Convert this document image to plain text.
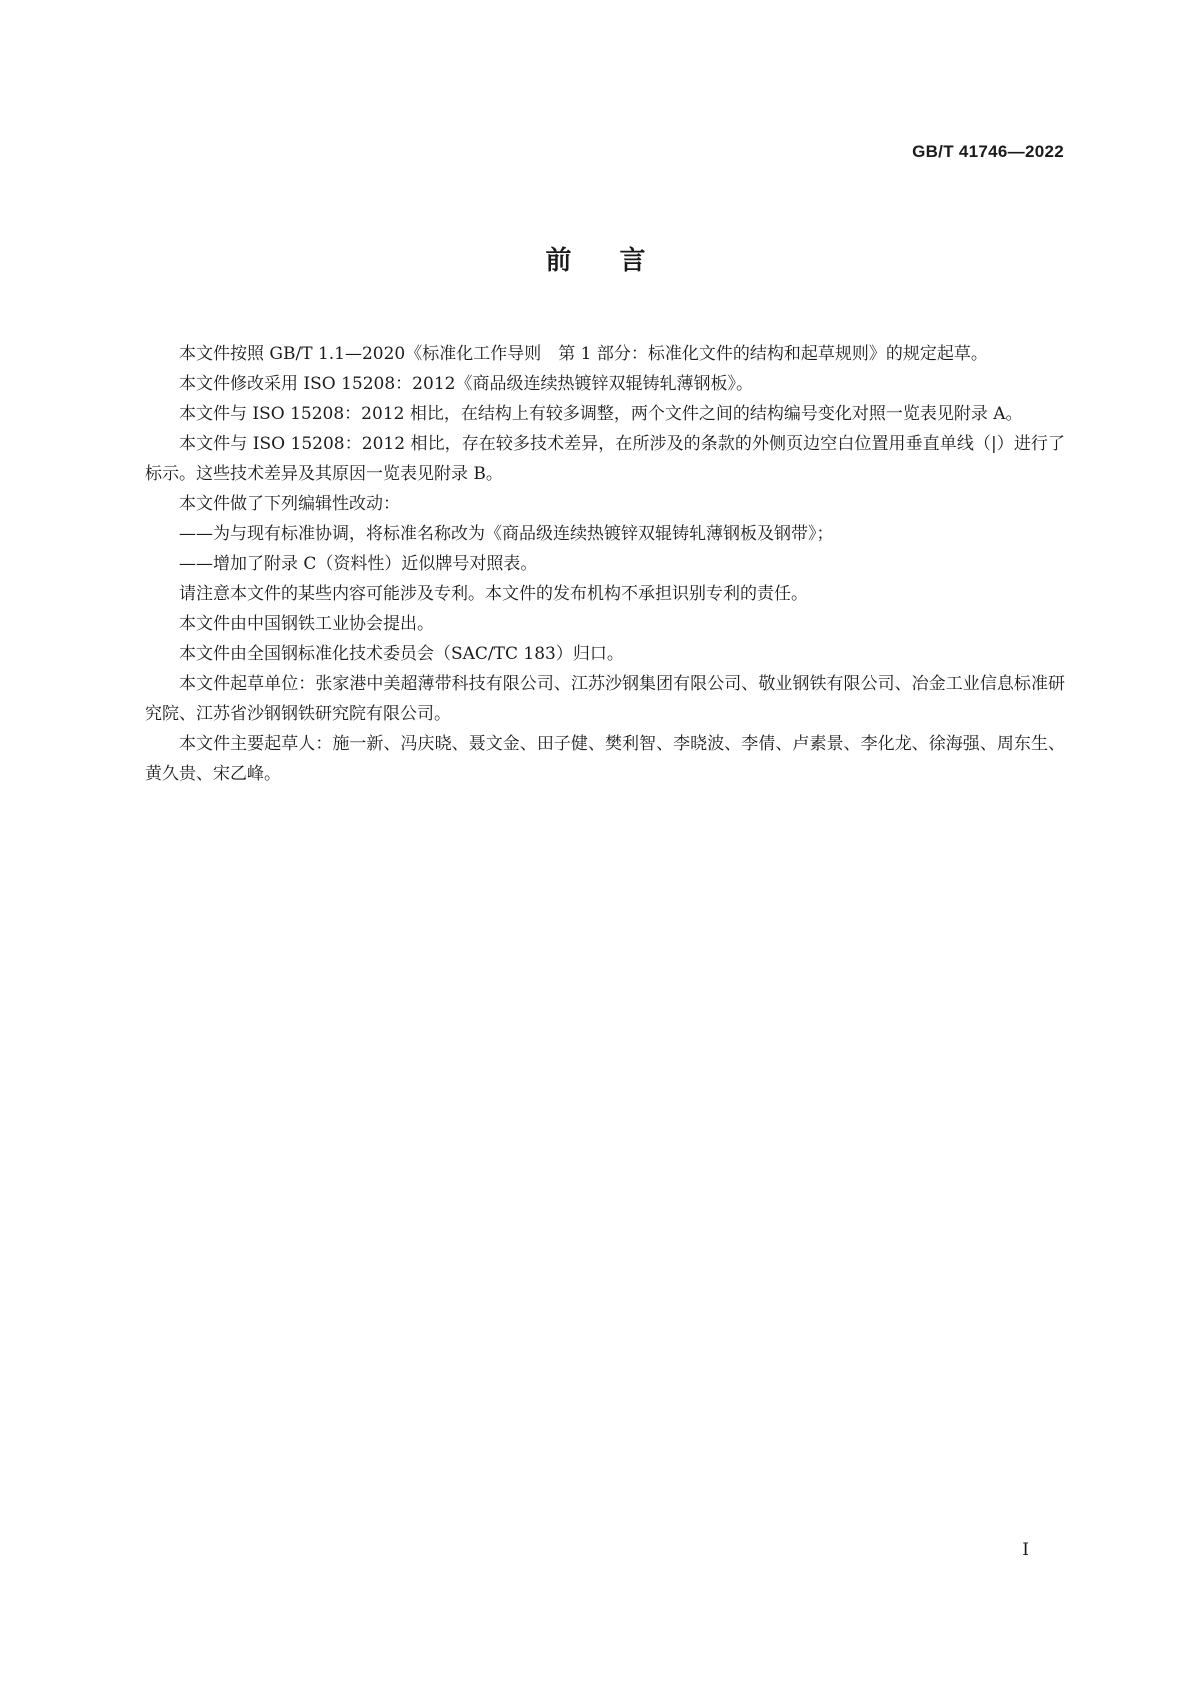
GB/T 41746—2022
前言

本文件按照 GB/T 1.1—2020《标准化工作导则　第 1 部分：标准化文件的结构和起草规则》的规定起草。

本文件修改采用 ISO 15208：2012《商品级连续热镀锌双辊铸轧薄钢板》。

本文件与 ISO 15208：2012 相比，在结构上有较多调整，两个文件之间的结构编号变化对照一览表见附录 A。

本文件与 ISO 15208：2012 相比，存在较多技术差异，在所涉及的条款的外侧页边空白位置用垂直单线（|）进行了标示。这些技术差异及其原因一览表见附录 B。

本文件做了下列编辑性改动：

——为与现有标准协调，将标准名称改为《商品级连续热镀锌双辊铸轧薄钢板及钢带》；

——增加了附录 C（资料性）近似牌号对照表。

请注意本文件的某些内容可能涉及专利。本文件的发布机构不承担识别专利的责任。

本文件由中国钢铁工业协会提出。

本文件由全国钢标准化技术委员会（SAC/TC 183）归口。

本文件起草单位：张家港中美超薄带科技有限公司、江苏沙钢集团有限公司、敬业钢铁有限公司、冶金工业信息标准研究院、江苏省沙钢钢铁研究院有限公司。

本文件主要起草人：施一新、冯庆晓、聂文金、田子健、樊利智、李晓波、李倩、卢素景、李化龙、徐海强、周东生、黄久贵、宋乙峰。

I
